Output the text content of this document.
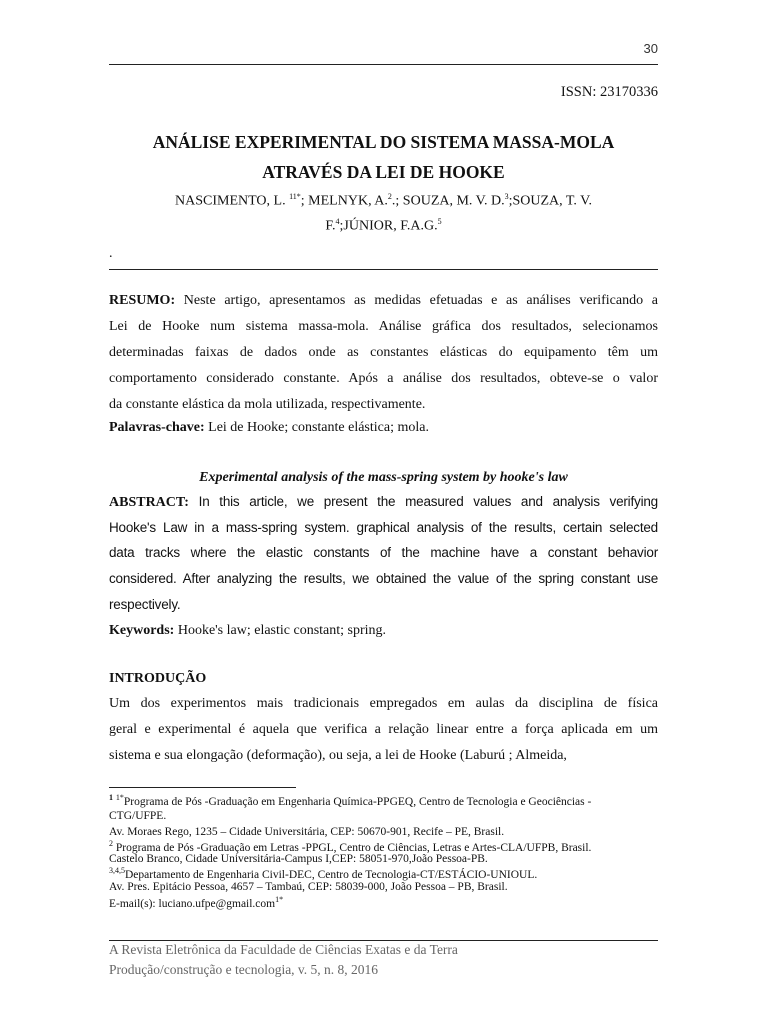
30
ISSN: 23170336
ANÁLISE EXPERIMENTAL DO SISTEMA MASSA-MOLA
ATRAVÉS DA LEI DE HOOKE
NASCIMENTO, L. $^{11*}$; MELNYK, A.$^2$.; SOUZA, M. V. D.$^3$;SOUZA, T. V.
F.$^4$;JÚNIOR, F.A.G.$^5$
.
RESUMO: Neste artigo, apresentamos as medidas efetuadas e as análises verificando a
Lei de Hooke num sistema massa-mola. Análise gráfica dos resultados, selecionamos
determinadas faixas de dados onde as constantes elásticas do equipamento têm um
comportamento considerado constante. Após a análise dos resultados, obteve-se o valor
da constante elástica da mola utilizada, respectivamente.
Palavras-chave: Lei de Hooke; constante elástica; mola.
Experimental analysis of the mass-spring system by hooke's law
ABSTRACT: In this article, we present the measured values and analysis verifying
Hooke's Law in a mass-spring system. graphical analysis of the results, certain selected
data tracks where the elastic constants of the machine have a constant behavior
considered. After analyzing the results, we obtained the value of the spring constant use
respectively.
Keywords: Hooke's law; elastic constant; spring.
INTRODUÇÃO
Um dos experimentos mais tradicionais empregados em aulas da disciplina de física
geral e experimental é aquela que verifica a relação linear entre a força aplicada em um
sistema e sua elongação (deformação), ou seja, a lei de Hooke (Laburú ; Almeida,
$^1$ $^{1*}$Programa de Pós -Graduação em Engenharia Química-PPGEQ, Centro de Tecnologia e Geociências -
CTG/UFPE.
Av. Moraes Rego, 1235 – Cidade Universitária, CEP: 50670-901, Recife – PE, Brasil.
$^2$ Programa de Pós -Graduação em Letras -PPGL, Centro de Ciências, Letras e Artes-CLA/UFPB, Brasil.
Castelo Branco, Cidade Universitária-Campus I,CEP: 58051-970,João Pessoa-PB.
$^{3,4,5}$Departamento de Engenharia Civil-DEC, Centro de Tecnologia-CT/ESTÁCIO-UNIOUL.
Av. Pres. Epitácio Pessoa, 4657 – Tambaú, CEP: 58039-000, João Pessoa – PB, Brasil.
E-mail(s): luciano.ufpe@gmail.com$^{1*}$
A Revista Eletrônica da Faculdade de Ciências Exatas e da Terra
Produção/construção e tecnologia, v. 5, n. 8, 2016
